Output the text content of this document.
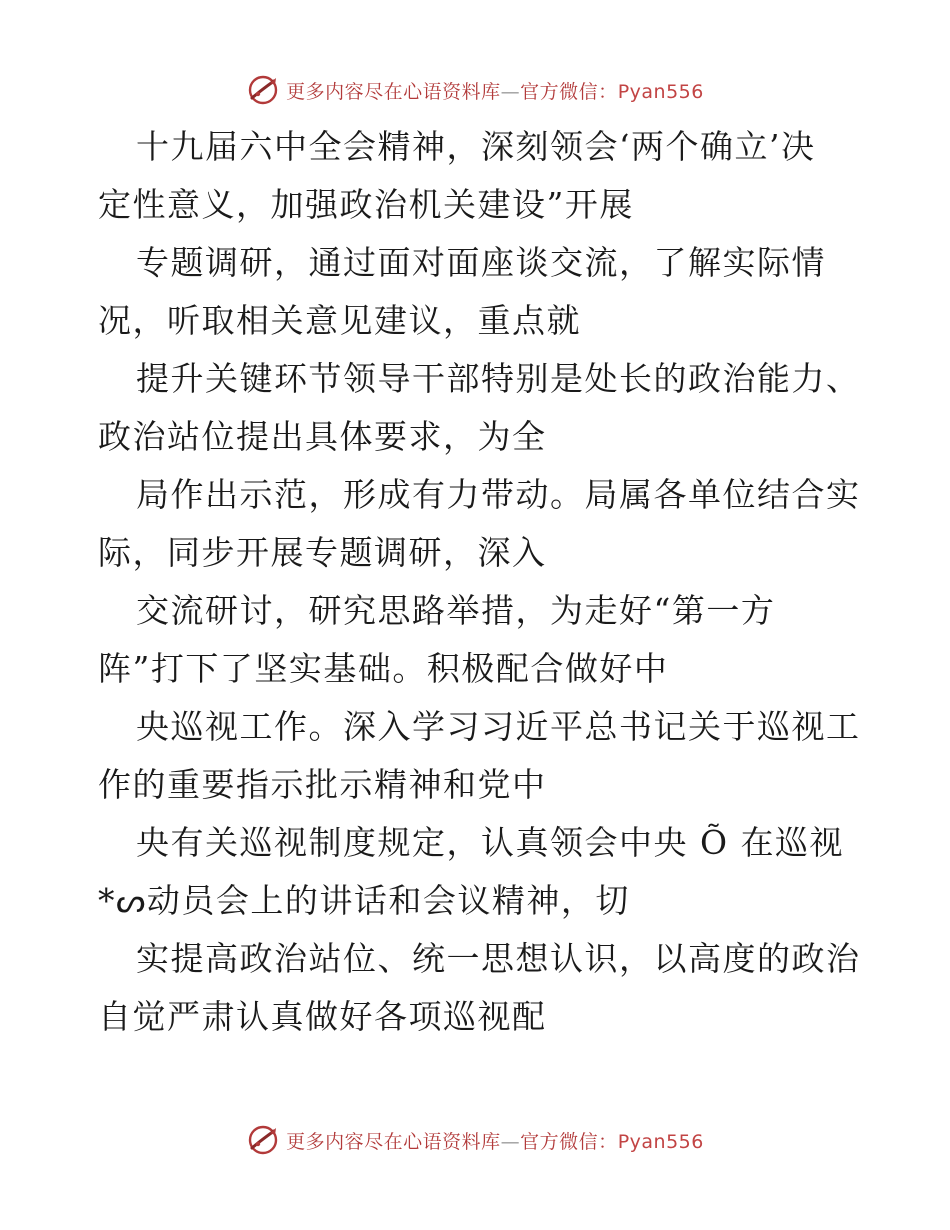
更多内容尽在心语资料库—官方微信：Pyan556
十九届六中全会精神，深刻领会‘两个确立’决
定性意义，加强政治机关建设”开展
专题调研，通过面对面座谈交流，了解实际情
况，听取相关意见建议，重点就
提升关键环节领导干部特别是处长的政治能力、
政治站位提出具体要求，为全
局作出示范，形成有力带动。局属各单位结合实
际，同步开展专题调研，深入
交流研讨，研究思路举措，为走好“第一方
阵”打下了坚实基础。积极配合做好中
央巡视工作。深入学习习近平总书记关于巡视工
作的重要指示批示精神和党中
央有关巡视制度规定，认真领会中央 Õ 在巡视
*ᔕ动员会上的讲话和会议精神，切
实提高政治站位、统一思想认识，以高度的政治
自觉严肃认真做好各项巡视配
更多内容尽在心语资料库—官方微信：Pyan556
